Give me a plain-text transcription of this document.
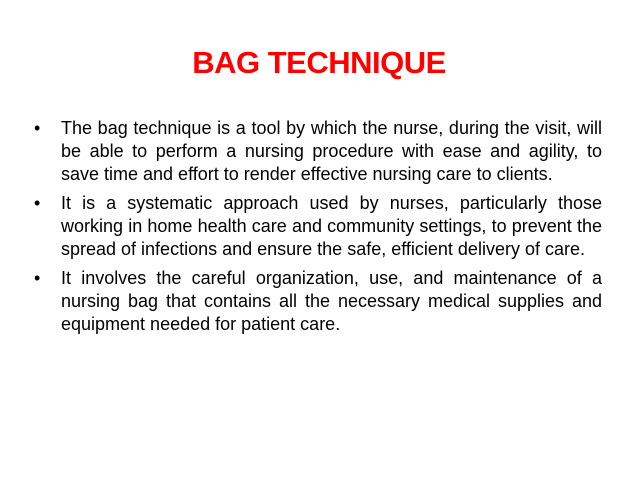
BAG TECHNIQUE
• The bag technique is a tool by which the nurse, during the visit, will be able to perform a nursing procedure with ease and agility, to save time and effort to render effective nursing care to clients.
• It is a systematic approach used by nurses, particularly those working in home health care and community settings, to prevent the spread of infections and ensure the safe, efficient delivery of care.
• It involves the careful organization, use, and maintenance of a nursing bag that contains all the necessary medical supplies and equipment needed for patient care.
